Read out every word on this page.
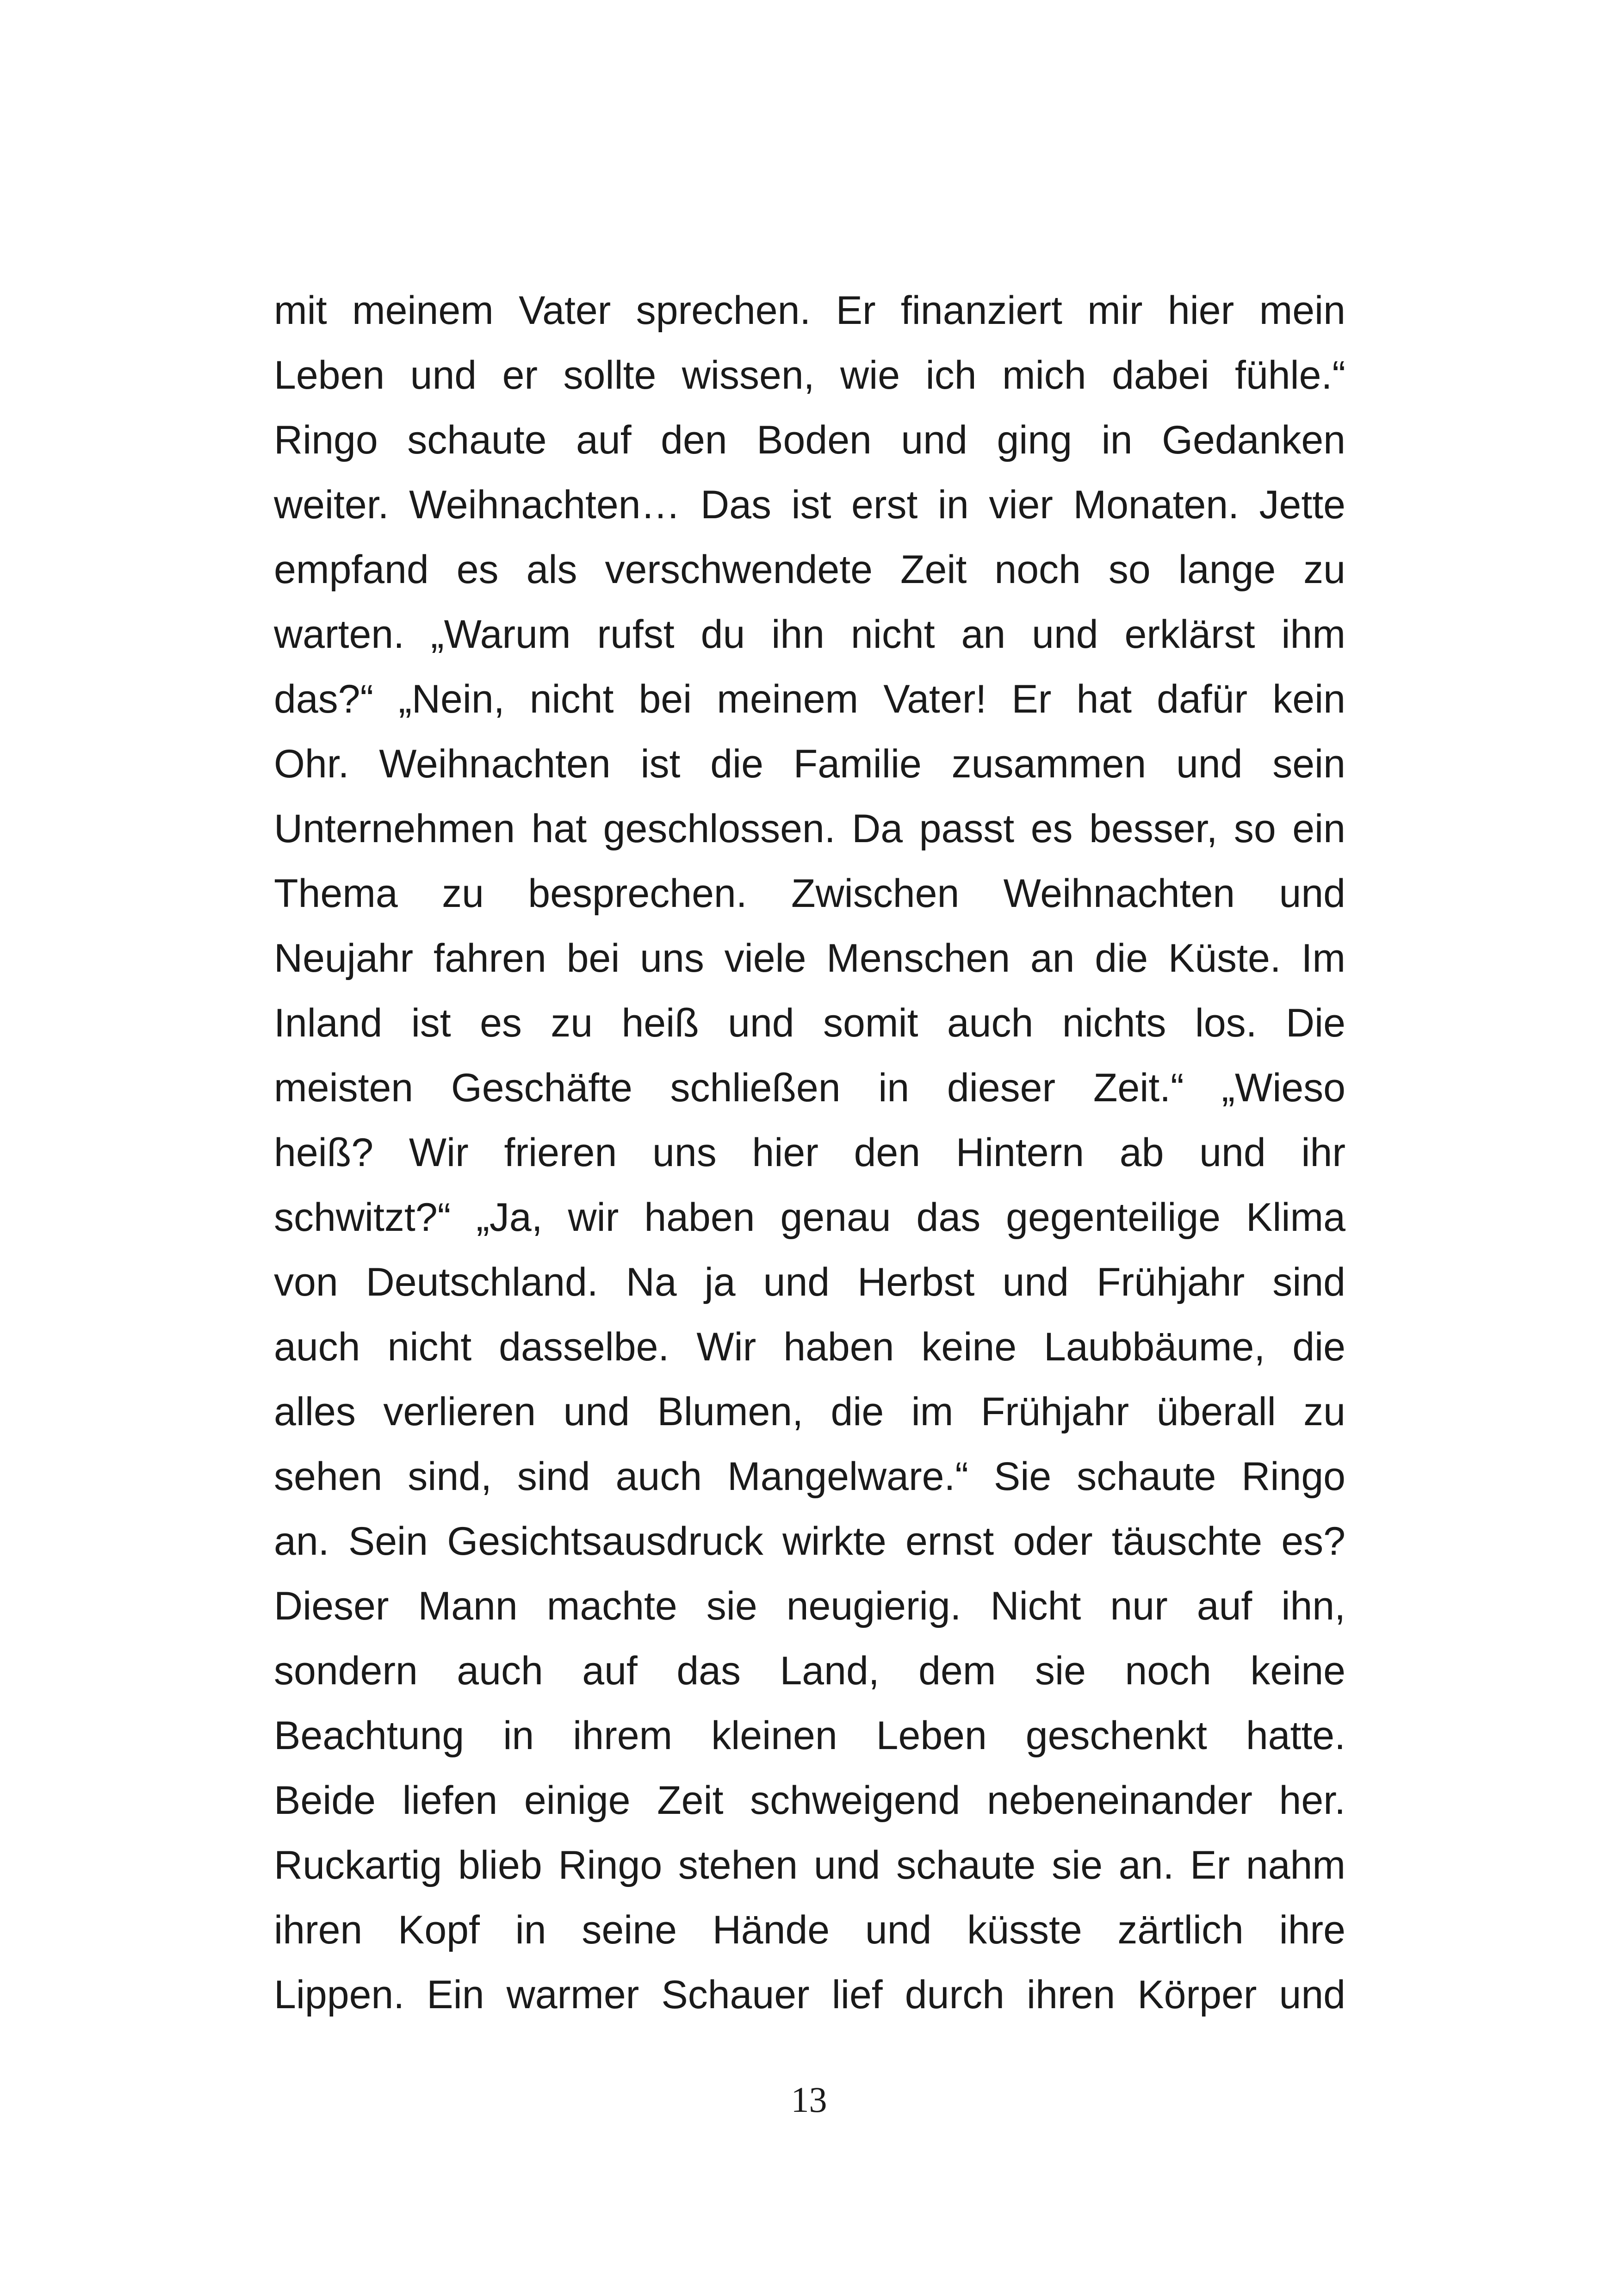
mit meinem Vater sprechen. Er finanziert mir hier mein
Leben und er sollte wissen, wie ich mich dabei fühle.“
Ringo schaute auf den Boden und ging in Gedanken
weiter. Weihnachten… Das ist erst in vier Monaten. Jette
empfand es als verschwendete Zeit noch so lange zu
warten. „Warum rufst du ihn nicht an und erklärst ihm
das?“ „Nein, nicht bei meinem Vater! Er hat dafür kein
Ohr. Weihnachten ist die Familie zusammen und sein
Unternehmen hat geschlossen. Da passt es besser, so ein
Thema zu besprechen. Zwischen Weihnachten und
Neujahr fahren bei uns viele Menschen an die Küste. Im
Inland ist es zu heiß und somit auch nichts los. Die
meisten Geschäfte schließen in dieser Zeit.“ „Wieso
heiß? Wir frieren uns hier den Hintern ab und ihr
schwitzt?“ „Ja, wir haben genau das gegenteilige Klima
von Deutschland. Na ja und Herbst und Frühjahr sind
auch nicht dasselbe. Wir haben keine Laubbäume, die
alles verlieren und Blumen, die im Frühjahr überall zu
sehen sind, sind auch Mangelware.“ Sie schaute Ringo
an. Sein Gesichtsausdruck wirkte ernst oder täuschte es?
Dieser Mann machte sie neugierig. Nicht nur auf ihn,
sondern auch auf das Land, dem sie noch keine
Beachtung in ihrem kleinen Leben geschenkt hatte.
Beide liefen einige Zeit schweigend nebeneinander her.
Ruckartig blieb Ringo stehen und schaute sie an. Er nahm
ihren Kopf in seine Hände und küsste zärtlich ihre
Lippen. Ein warmer Schauer lief durch ihren Körper und
13
